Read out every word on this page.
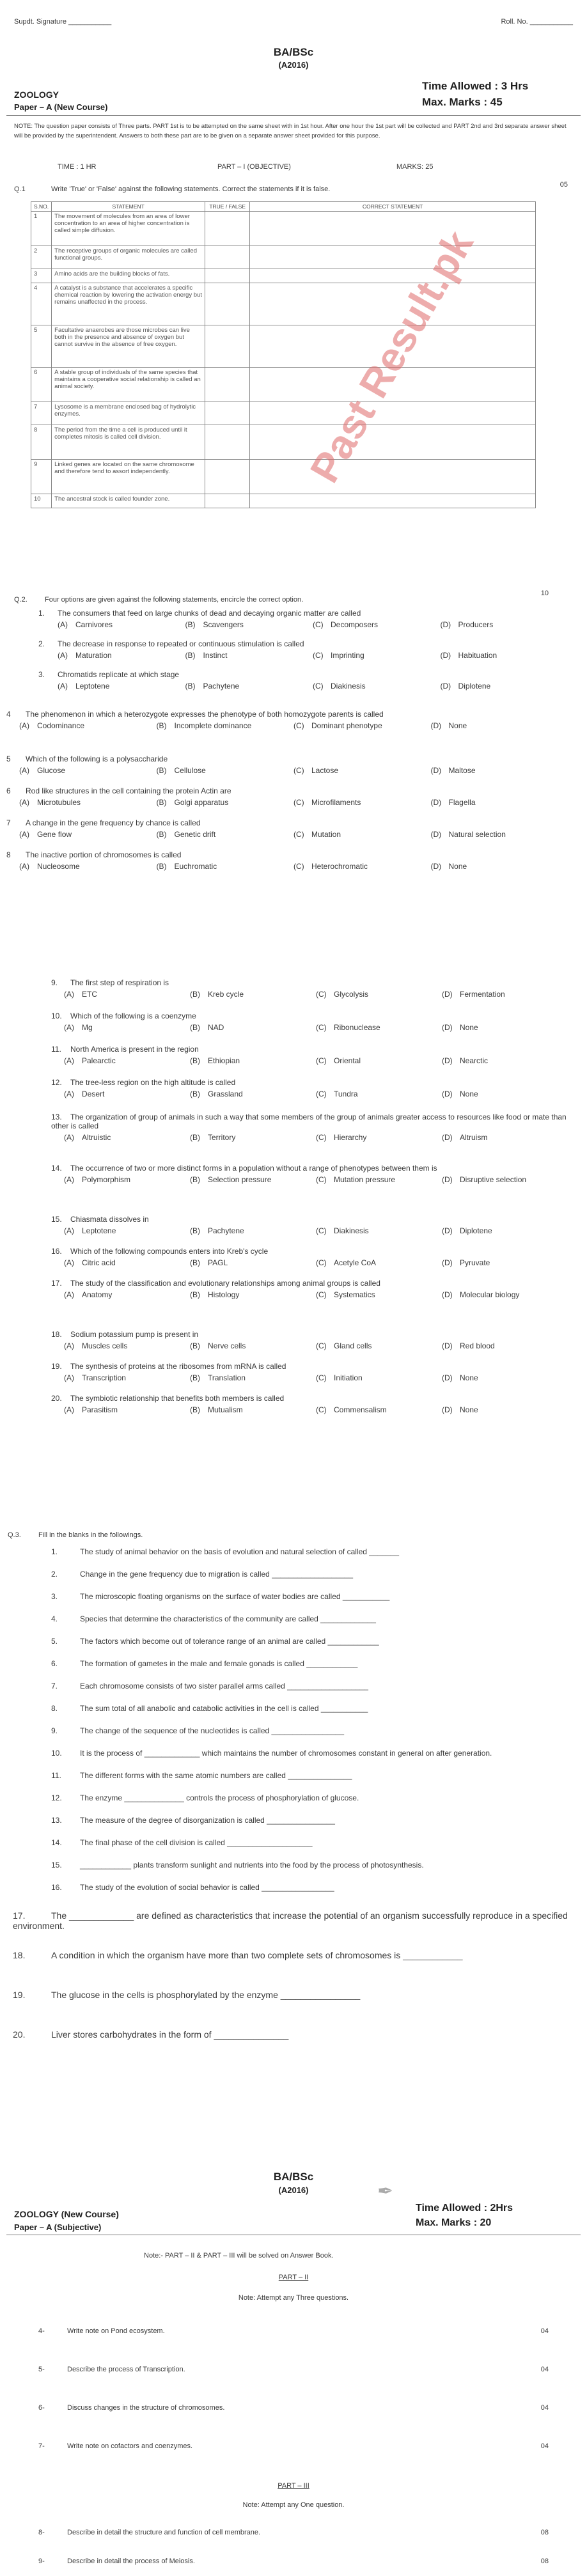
Supdt. Signature ___________	Roll. No. ___________
BA/BSc
(A2016)
ZOOLOGY
Paper – A (New Course)
Time Allowed : 3 Hrs
Max. Marks : 45
NOTE: The question paper consists of Three parts. PART 1st is to be attempted on the same sheet with in 1st hour. After one hour the 1st part will be collected and PART 2nd and 3rd separate answer sheet will be provided by the superintendent. Answers to both these part are to be given on a separate answer sheet provided for this purpose.
TIME : 1 HR	PART – I (OBJECTIVE)	MARKS: 25
Q.1	Write 'True' or 'False' against the following statements. Correct the statements if it is false.
05
S.NO.	STATEMENT	TRUE / FALSE	CORRECT STATEMENT
1	The movement of molecules from an area of lower concentration to an area of higher concentration is called simple diffusion.		
2	The receptive groups of organic molecules are called functional groups.		
3	Amino acids are the building blocks of fats.		
4	A catalyst is a substance that accelerates a specific chemical reaction by lowering the activation energy but remains unaffected in the process.		
5	Facultative anaerobes are those microbes can live both in the presence and absence of oxygen but cannot survive in the absence of free oxygen.		
6	A stable group of individuals of the same species that maintains a cooperative social relationship is called an animal society.		
7	Lysosome is a membrane enclosed bag of hydrolytic enzymes.		
8	The period from the time a cell is produced until it completes mitosis is called cell division.		
9	Linked genes are located on the same chromosome and therefore tend to assort independently.		
10	The ancestral stock is called founder zone.		
Q.2. Four options are given against the following statements, encircle the correct option.
10
1. The consumers that feed on large chunks of dead and decaying organic matter are called
(A)	Carnivores	(B)	Scavengers	(C) Decomposers	(D) Producers
2. The decrease in response to repeated or continuous stimulation is called
(A)	Maturation	(B)	Instinct	(C) Imprinting	(D) Habituation
3. Chromatids replicate at which stage
(A)	Leptotene	(B)	Pachytene	(C) Diakinesis	(D) Diplotene
4 The phenomenon in which a heterozygote expresses the phenotype of both homozygote parents is called
(A)	Codominance	(B)	Incomplete dominance	(C) Dominant phenotype	(D) None
5 Which of the following is a polysaccharide
(A)	Glucose	(B)	Cellulose	(C) Lactose	(D) Maltose
6 Rod like structures in the cell containing the protein Actin are
(A)	Microtubules	(B)	Golgi apparatus	(C) Microfilaments	(D) Flagella
7 A change in the gene frequency by chance is called
(A)	Gene flow	(B)	Genetic drift	(C) Mutation	(D) Natural selection
8 The inactive portion of chromosomes is called
(A)	Nucleosome	(B)	Euchromatic	(C) Heterochromatic	(D) None
9. The first step of respiration is
(A)	ETC	(B)	Kreb cycle	(C) Glycolysis	(D) Fermentation
10. Which of the following is a coenzyme
(A)	Mg	(B)	NAD	(C) Ribonuclease	(D) None
11. North America is present in the region
(A)	Palearctic	(B)	Ethiopian	(C) Oriental	(D) Nearctic
12. The tree-less region on the high altitude is called
(A)	Desert	(B)	Grassland	(C) Tundra	(D) None
13. The organization of group of animals in such a way that some members of the group of animals greater access to resources like food or mate than other is called
(A)	Altruistic	(B)	Territory	(C) Hierarchy	(D) Altruism
14. The occurrence of two or more distinct forms in a population without a range of phenotypes between them is
(A)	Polymorphism	(B)	Selection pressure	(C) Mutation pressure	(D) Disruptive selection
15. Chiasmata dissolves in
(A)	Leptotene	(B)	Pachytene	(C) Diakinesis	(D) Diplotene
16. Which of the following compounds enters into Kreb's cycle
(A)	Citric acid	(B)	PAGL	(C) Acetyle CoA	(D) Pyruvate
17. The study of the classification and evolutionary relationships among animal groups is called
(A)	Anatomy	(B)	Histology	(C) Systematics	(D) Molecular biology
18. Sodium potassium pump is present in
(A)	Muscles cells	(B)	Nerve cells	(C) Gland cells	(D) Red blood
19. The synthesis of proteins at the ribosomes from mRNA is called
(A)	Transcription	(B)	Translation	(C) Initiation	(D) None
20. The symbiotic relationship that benefits both members is called
(A)	Parasitism	(B)	Mutualism	(C) Commensalism	(D) None
Q.3. Fill in the blanks in the followings.
1.	The study of animal behavior on the basis of evolution and natural selection of called _______
2.	Change in the gene frequency due to migration is called ___________________
3.	The microscopic floating organisms on the surface of water bodies are called ___________
4.	Species that determine the characteristics of the community are called _____________
5.	The factors which become out of tolerance range of an animal are called ____________
6.	The formation of gametes in the male and female gonads is called ____________
7.	Each chromosome consists of two sister parallel arms called ___________________
8.	The sum total of all anabolic and catabolic activities in the cell is called ___________
9.	The change of the sequence of the nucleotides is called _________________
10. It is the process of _____________ which maintains the number of chromosomes constant in general on after generation.
11. The different forms with the same atomic numbers are called _______________
12. The enzyme ______________ controls the process of phosphorylation of glucose.
13. The measure of the degree of disorganization is called ________________
14. The final phase of the cell division is called ____________________
15. ____________ plants transform sunlight and nutrients into the food by the process of photosynthesis.
16. The study of the evolution of social behavior is called _________________
17.	The _____________ are defined as characteristics that increase the potential of an organism successfully reproduce in a specified environment.
18.	A condition in which the organism have more than two complete sets of chromosomes is ____________
19.	The glucose in the cells is phosphorylated by the enzyme ________________
20.	Liver stores carbohydrates in the form of _______________
BA/BSc
(A2016)
ZOOLOGY (New Course)
Paper – A (Subjective)
Time Allowed : 2Hrs
Max. Marks : 20
Note:- PART – II & PART – III will be solved on Answer Book.
PART – II
Note: Attempt any Three questions.
4-	Write note on Pond ecosystem.	04
5-	Describe the process of Transcription.	04
6-	Discuss changes in the structure of chromosomes.	04
7-	Write note on cofactors and coenzymes.	04
PART – III
Note: Attempt any One question.
8-	Describe in detail the structure and function of cell membrane.	08
9-	Describe in detail the process of Meiosis.	08
Past Result.pk
✒
